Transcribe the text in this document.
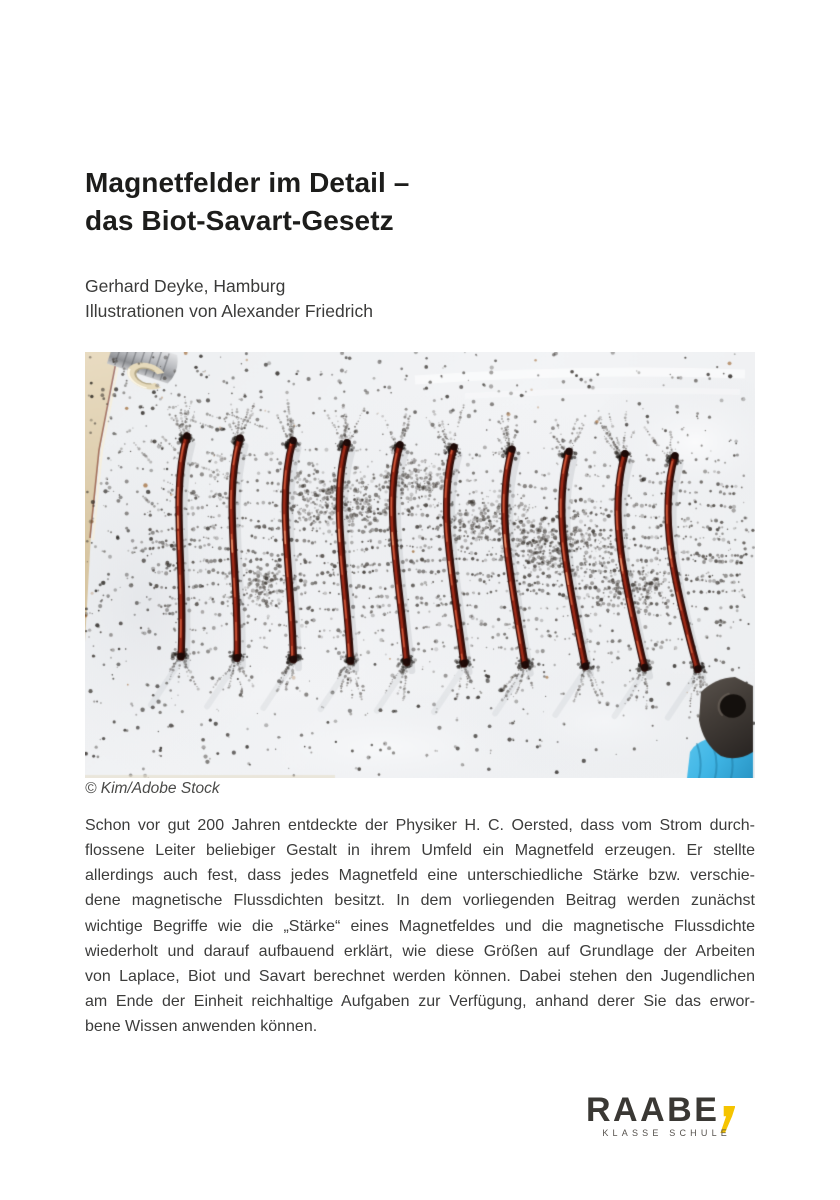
Magnetfelder im Detail –
das Biot-Savart-Gesetz
Gerhard Deyke, Hamburg
Illustrationen von Alexander Friedrich
© Kim/Adobe Stock
Schon vor gut 200 Jahren entdeckte der Physiker H. C. Oersted, dass vom Strom durch-
flossene Leiter beliebiger Gestalt in ihrem Umfeld ein Magnetfeld erzeugen. Er stellte
allerdings auch fest, dass jedes Magnetfeld eine unterschiedliche Stärke bzw. verschie-
dene magnetische Flussdichten besitzt. In dem vorliegenden Beitrag werden zunächst
wichtige Begriffe wie die „Stärke“ eines Magnetfeldes und die magnetische Flussdichte
wiederholt und darauf aufbauend erklärt, wie diese Größen auf Grundlage der Arbeiten
von Laplace, Biot und Savart berechnet werden können. Dabei stehen den Jugendlichen
am Ende der Einheit reichhaltige Aufgaben zur Verfügung, anhand derer Sie das erwor-
bene Wissen anwenden können.
RAABE
KLASSE SCHULE
